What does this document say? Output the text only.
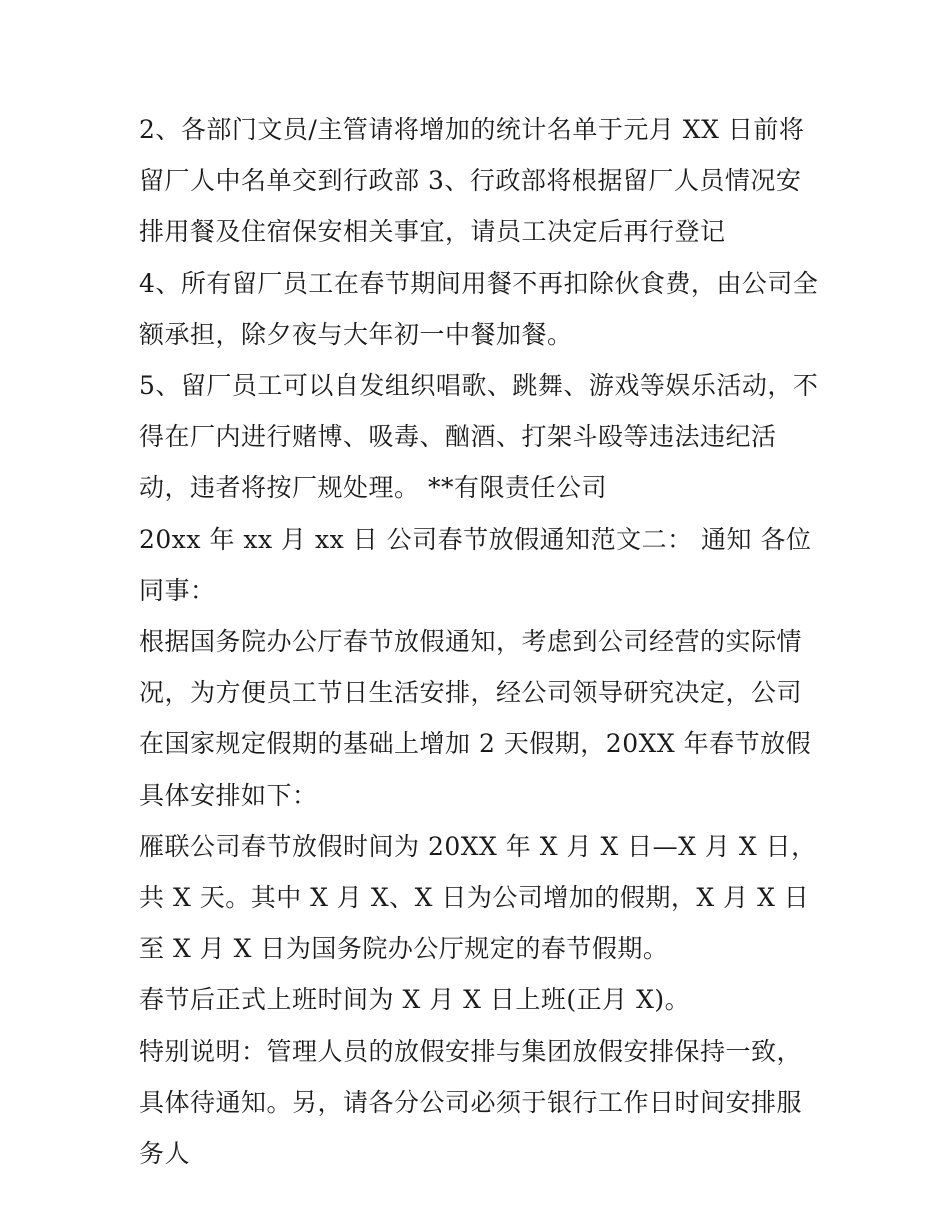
2、各部门文员/主管请将增加的统计名单于元月 XX 日前将留厂人中名单交到行政部 3、行政部将根据留厂人员情况安排用餐及住宿保安相关事宜，请员工决定后再行登记

4、所有留厂员工在春节期间用餐不再扣除伙食费，由公司全额承担，除夕夜与大年初一中餐加餐。

5、留厂员工可以自发组织唱歌、跳舞、游戏等娱乐活动，不得在厂内进行赌博、吸毒、酗酒、打架斗殴等违法违纪活动，违者将按厂规处理。 **有限责任公司

20xx 年 xx 月 xx 日 公司春节放假通知范文二： 通知 各位同事：

根据国务院办公厅春节放假通知，考虑到公司经营的实际情况，为方便员工节日生活安排，经公司领导研究决定，公司在国家规定假期的基础上增加 2 天假期，20XX 年春节放假具体安排如下：

雁联公司春节放假时间为 20XX 年 X 月 X 日—X 月 X 日，共 X 天。其中 X 月 X、X 日为公司增加的假期，X 月 X 日至 X 月 X 日为国务院办公厅规定的春节假期。

春节后正式上班时间为 X 月 X 日上班(正月 X)。

特别说明：管理人员的放假安排与集团放假安排保持一致，具体待通知。另，请各分公司必须于银行工作日时间安排服务人
